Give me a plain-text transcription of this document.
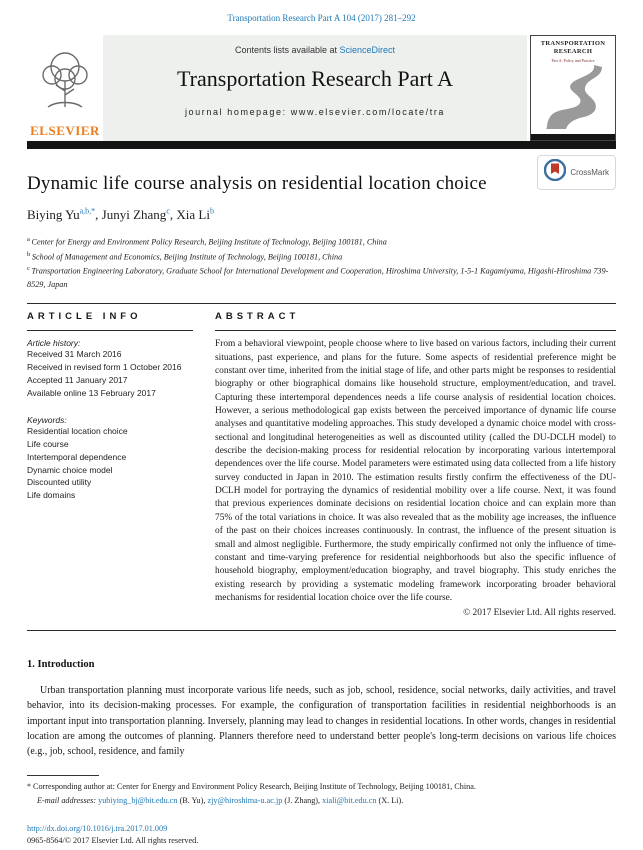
Transportation Research Part A 104 (2017) 281–292
ELSEVIER
Contents lists available at ScienceDirect
Transportation Research Part A
journal homepage: www.elsevier.com/locate/tra
TRANSPORTATION RESEARCH
Part A: Policy and Practice
Dynamic life course analysis on residential location choice
Biying $Yu^{a,b,*}$, Junyi Zhang$^c$, Xia Li$^b$
CrossMark
$^a$ Center for Energy and Environment Policy Research, Beijing Institute of Technology, Beijing 100181, China
$^b$ School of Management and Economics, Beijing Institute of Technology, Beijing 100181, China
$^c$ Transportation Engineering Laboratory, Graduate School for International Development and Cooperation, Hiroshima University, 1-5-1 Kagamiyama, Higashi-Hiroshima 739-8529, Japan
ARTICLE INFO
Article history:
Received 31 March 2016
Received in revised form 1 October 2016
Accepted 11 January 2017
Available online 13 February 2017
Keywords:
Residential location choice
Life course
Intertemporal dependence
Dynamic choice model
Discounted utility
Life domains
ABSTRACT
From a behavioral viewpoint, people choose where to live based on various factors, including their current situations, past experience, and plans for the future. Some aspects of residential preference might be constant over time, inherited from the initial stage of life, and other parts might be responses to residential biography or other biographical domains like household structure, employment/education, and travel. Capturing these intertemporal dependences needs a life course analysis of residential location choices. However, a serious methodological gap exists between the perceived importance of dynamic life course analyses and quantitative modeling approaches. This study developed a dynamic choice model with cross-sectional and longitudinal heterogeneities as well as discounted utility (called the DU-DCLH model) to describe the decision-making process for residential relocation by incorporating various intertemporal dependences over the life course. Model parameters were estimated using data collected from a life history survey conducted in Japan in 2010. The estimation results firstly confirm the effectiveness of the DU-DCLH model for portraying the dynamics of residential mobility over a life course. Next, it was found that previous experiences dominate decisions on residential location choice and can explain more than 75% of the total variations in choice. It was also revealed that as the mobility age increases, the influence of the past on their choices increases continuously. In contrast, the influence of the present situation is small and almost negligible. Furthermore, the study empirically confirmed not only the influence of time-constant and time-varying preference for residential neighborhoods but also the specific influence of household biography, employment/education biography, and travel biography. This study enriches the existing research by providing a systematic modeling framework incorporating broader behavioral mechanisms for residential location choice over the life course.
© 2017 Elsevier Ltd. All rights reserved.
1. Introduction
Urban transportation planning must incorporate various life needs, such as job, school, residence, social networks, daily activities, and travel behavior, into its decision-making processes. For example, the configuration of transportation facilities in residential neighborhoods is an important input into transportation planning. Inversely, planning may lead to changes in residential locations. In other words, changes in residential location are among the outcomes of planning. Planners therefore need to understand better people's long-term decisions on various life choices (e.g., job, school, residence, and family
* Corresponding author at: Center for Energy and Environment Policy Research, Beijing Institute of Technology, Beijing 100181, China.
E-mail addresses: yubiying_bj@bit.edu.cn (B. Yu), zjy@hiroshima-u.ac.jp (J. Zhang), xiali@bit.edu.cn (X. Li).
http://dx.doi.org/10.1016/j.tra.2017.01.009
0965-8564/© 2017 Elsevier Ltd. All rights reserved.
